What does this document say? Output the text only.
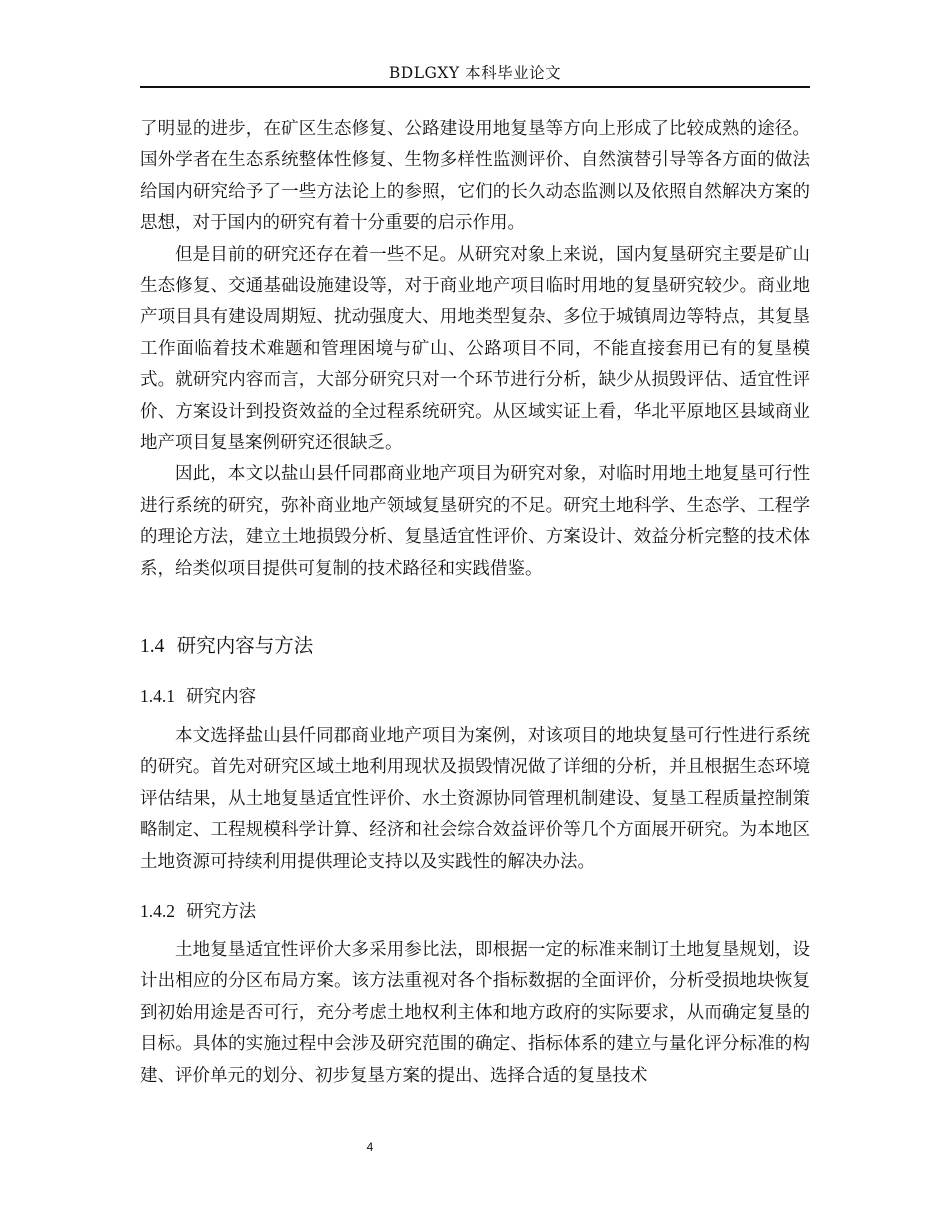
BDLGXY 本科毕业论文

了明显的进步，在矿区生态修复、公路建设用地复垦等方向上形成了比较成熟的途径。国外学者在生态系统整体性修复、生物多样性监测评价、自然演替引导等各方面的做法给国内研究给予了一些方法论上的参照，它们的长久动态监测以及依照自然解决方案的思想，对于国内的研究有着十分重要的启示作用。

但是目前的研究还存在着一些不足。从研究对象上来说，国内复垦研究主要是矿山生态修复、交通基础设施建设等，对于商业地产项目临时用地的复垦研究较少。商业地产项目具有建设周期短、扰动强度大、用地类型复杂、多位于城镇周边等特点，其复垦工作面临着技术难题和管理困境与矿山、公路项目不同，不能直接套用已有的复垦模式。就研究内容而言，大部分研究只对一个环节进行分析，缺少从损毁评估、适宜性评价、方案设计到投资效益的全过程系统研究。从区域实证上看，华北平原地区县域商业地产项目复垦案例研究还很缺乏。

因此，本文以盐山县仟同郡商业地产项目为研究对象，对临时用地土地复垦可行性进行系统的研究，弥补商业地产领域复垦研究的不足。研究土地科学、生态学、工程学的理论方法，建立土地损毁分析、复垦适宜性评价、方案设计、效益分析完整的技术体系，给类似项目提供可复制的技术路径和实践借鉴。

1.4 研究内容与方法

1.4.1 研究内容

本文选择盐山县仟同郡商业地产项目为案例，对该项目的地块复垦可行性进行系统的研究。首先对研究区域土地利用现状及损毁情况做了详细的分析，并且根据生态环境评估结果，从土地复垦适宜性评价、水土资源协同管理机制建设、复垦工程质量控制策略制定、工程规模科学计算、经济和社会综合效益评价等几个方面展开研究。为本地区土地资源可持续利用提供理论支持以及实践性的解决办法。

1.4.2 研究方法

土地复垦适宜性评价大多采用参比法，即根据一定的标准来制订土地复垦规划，设计出相应的分区布局方案。该方法重视对各个指标数据的全面评价，分析受损地块恢复到初始用途是否可行，充分考虑土地权利主体和地方政府的实际要求，从而确定复垦的目标。具体的实施过程中会涉及研究范围的确定、指标体系的建立与量化评分标准的构建、评价单元的划分、初步复垦方案的提出、选择合适的复垦技术

4
